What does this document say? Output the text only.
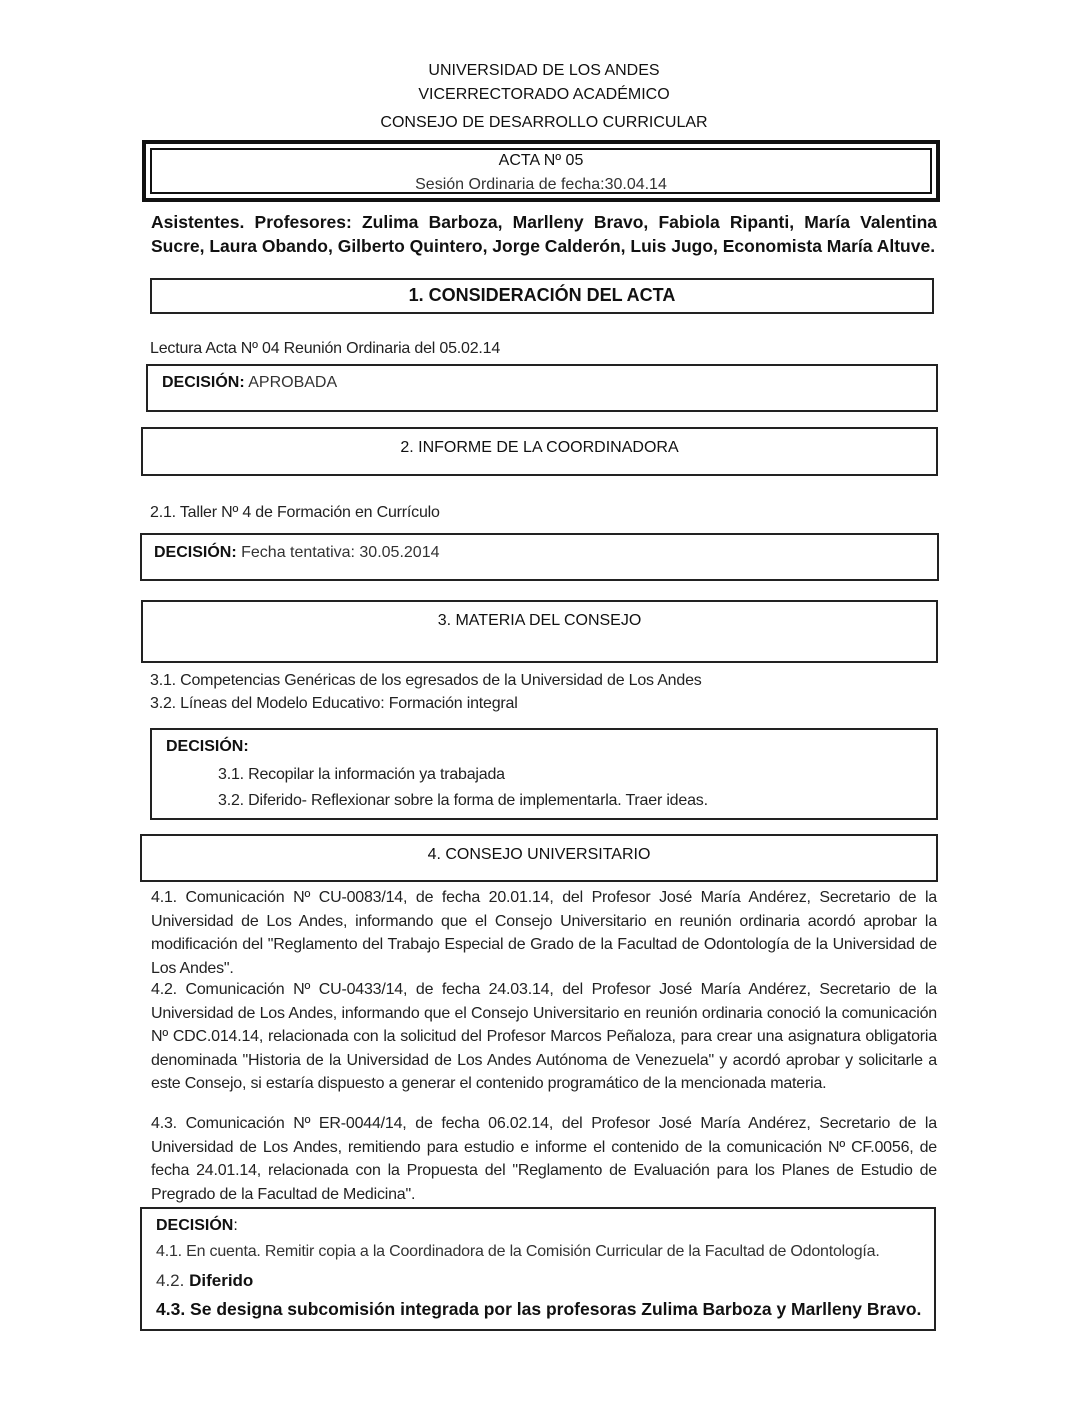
UNIVERSIDAD DE LOS ANDES
VICERRECTORADO ACADÉMICO
CONSEJO DE DESARROLLO CURRICULAR
ACTA Nº 05
Sesión Ordinaria de fecha:30.04.14
Asistentes. Profesores: Zulima Barboza, Marlleny Bravo, Fabiola Ripanti, María Valentina Sucre, Laura Obando, Gilberto Quintero, Jorge Calderón, Luis Jugo, Economista María Altuve.
1. CONSIDERACIÓN DEL ACTA
Lectura Acta Nº 04 Reunión Ordinaria del 05.02.14
DECISIÓN: APROBADA
2. INFORME DE LA COORDINADORA
2.1. Taller Nº 4 de Formación en Currículo
DECISIÓN: Fecha tentativa: 30.05.2014
3. MATERIA DEL CONSEJO
3.1. Competencias Genéricas de los egresados de la Universidad de Los Andes
3.2. Líneas del Modelo Educativo: Formación integral
DECISIÓN:
3.1. Recopilar la información ya trabajada
3.2. Diferido- Reflexionar sobre la forma de implementarla. Traer ideas.
4. CONSEJO UNIVERSITARIO
4.1. Comunicación Nº CU-0083/14, de fecha 20.01.14, del Profesor José María Andérez, Secretario de la Universidad de Los Andes, informando que el Consejo Universitario en reunión ordinaria acordó aprobar la modificación del "Reglamento del Trabajo Especial de Grado de la Facultad de Odontología de la Universidad de Los Andes".
4.2. Comunicación Nº CU-0433/14, de fecha 24.03.14, del Profesor José María Andérez, Secretario de la Universidad de Los Andes, informando que el Consejo Universitario en reunión ordinaria conoció la comunicación Nº CDC.014.14, relacionada con la solicitud del Profesor Marcos Peñaloza, para crear una asignatura obligatoria denominada "Historia de la Universidad de Los Andes Autónoma de Venezuela" y acordó aprobar y solicitarle a este Consejo, si estaría dispuesto a generar el contenido programático de la mencionada materia.
4.3. Comunicación Nº ER-0044/14, de fecha 06.02.14, del Profesor José María Andérez, Secretario de la Universidad de Los Andes, remitiendo para estudio e informe el contenido de la comunicación Nº CF.0056, de fecha 24.01.14, relacionada con la Propuesta del "Reglamento de Evaluación para los Planes de Estudio de Pregrado de la Facultad de Medicina".
DECISIÓN:
4.1. En cuenta. Remitir copia a la Coordinadora de la Comisión Curricular de la Facultad de Odontología.
4.2. Diferido
4.3. Se designa subcomisión integrada por las profesoras Zulima Barboza y Marlleny Bravo.
